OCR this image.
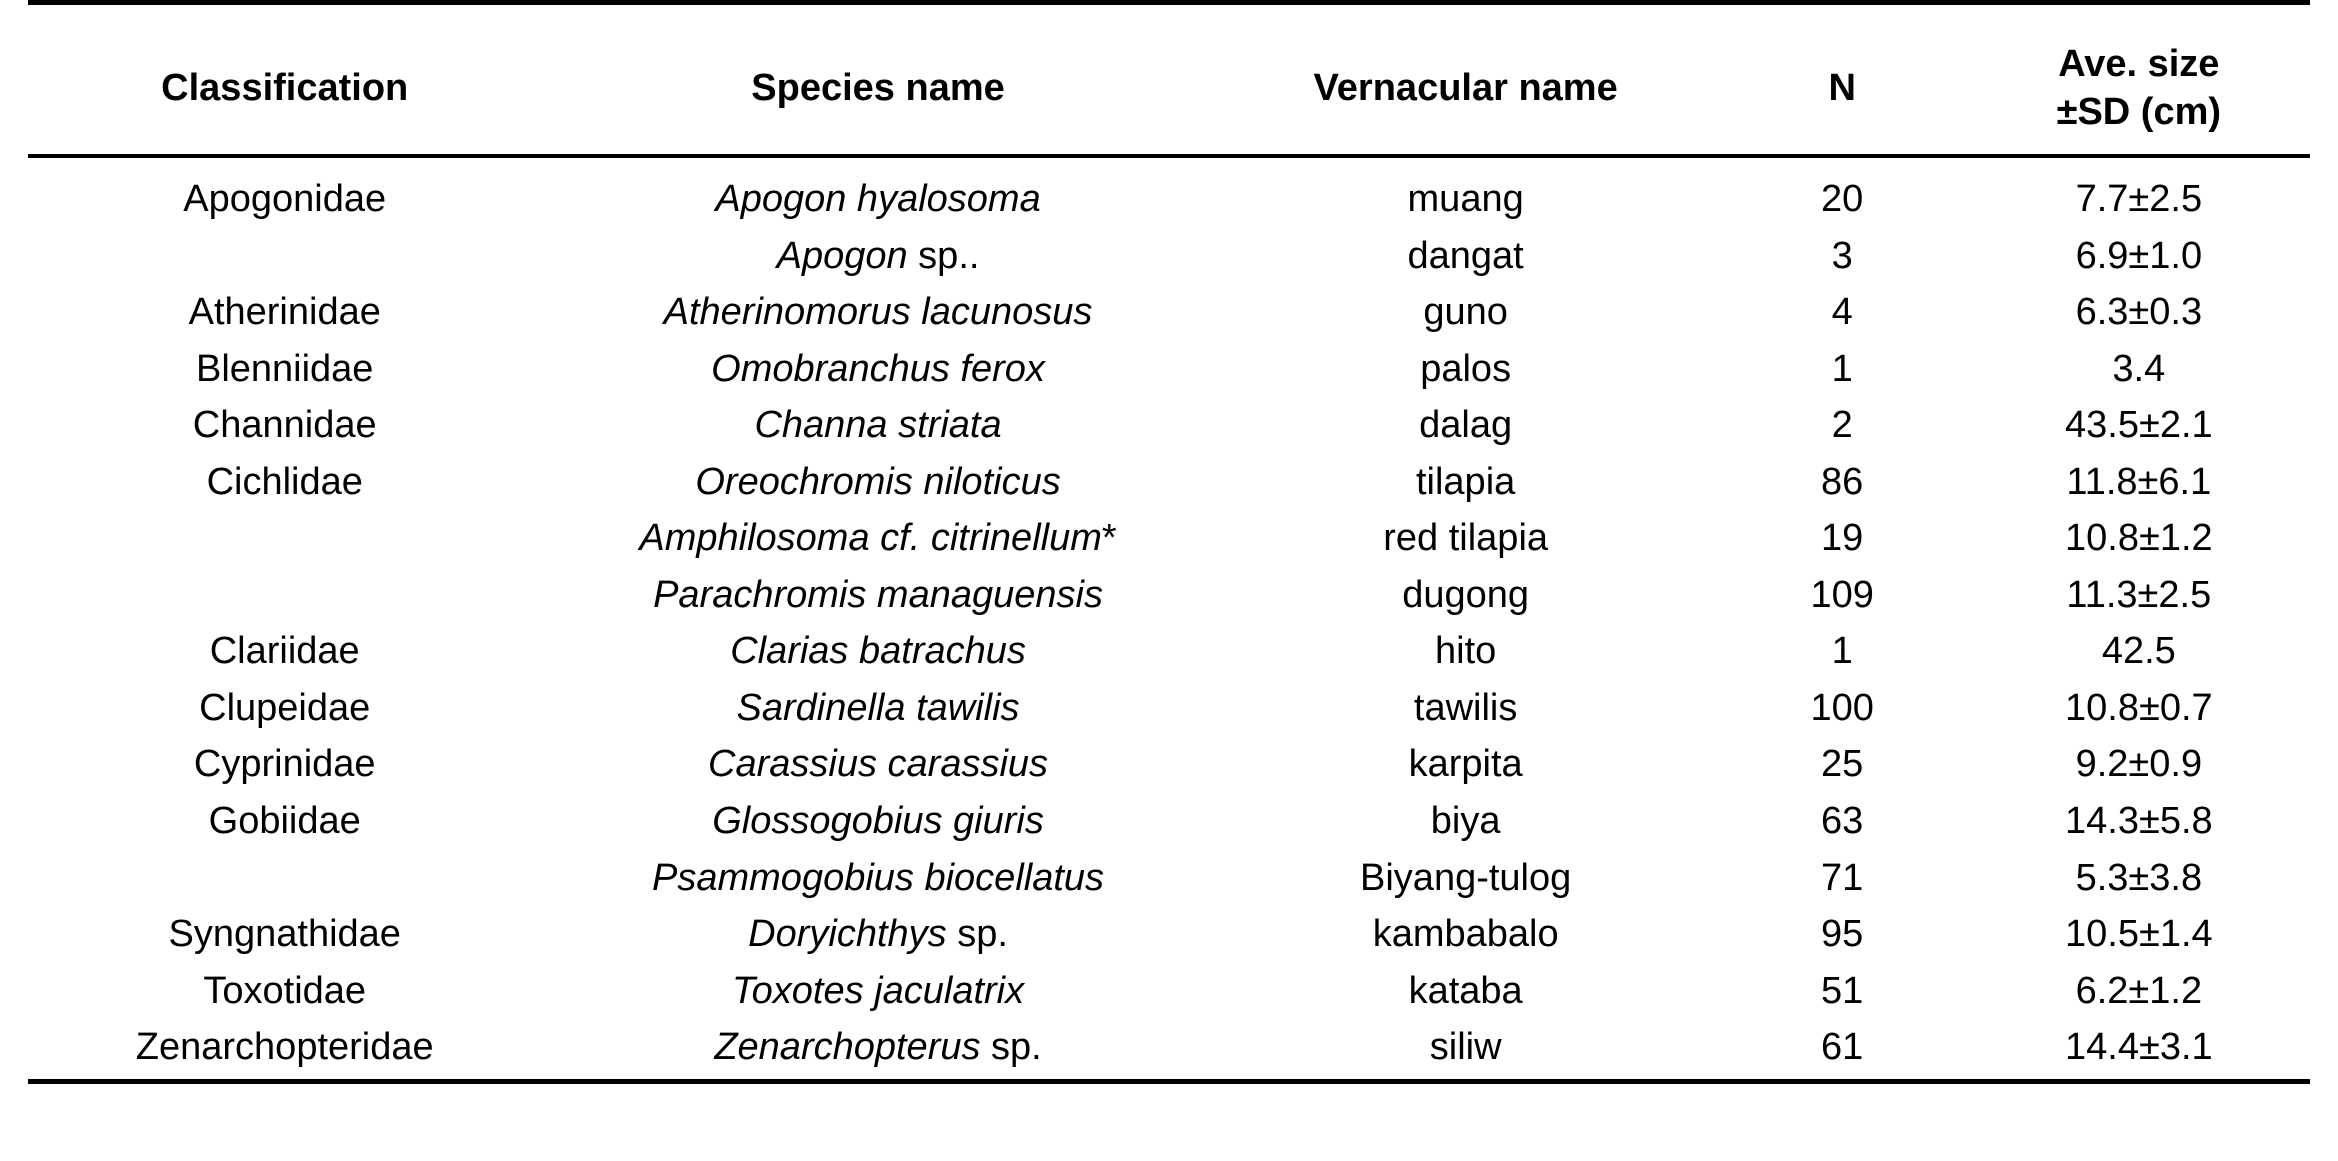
Classification	Species name	Vernacular name	N	Ave. size
±SD (cm)

Apogonidae	Apogon hyalosoma	muang	20	7.7±2.5
	Apogon sp..	dangat	3	6.9±1.0
Atherinidae	Atherinomorus lacunosus	guno	4	6.3±0.3
Blenniidae	Omobranchus ferox	palos	1	3.4
Channidae	Channa striata	dalag	2	43.5±2.1
Cichlidae	Oreochromis niloticus	tilapia	86	11.8±6.1
	Amphilosoma cf. citrinellum*	red tilapia	19	10.8±1.2
	Parachromis managuensis	dugong	109	11.3±2.5
Clariidae	Clarias batrachus	hito	1	42.5
Clupeidae	Sardinella tawilis	tawilis	100	10.8±0.7
Cyprinidae	Carassius carassius	karpita	25	9.2±0.9
Gobiidae	Glossogobius giuris	biya	63	14.3±5.8
	Psammogobius biocellatus	Biyang-tulog	71	5.3±3.8
Syngnathidae	Doryichthys sp.	kambabalo	95	10.5±1.4
Toxotidae	Toxotes jaculatrix	kataba	51	6.2±1.2
Zenarchopteridae	Zenarchopterus sp.	siliw	61	14.4±3.1
